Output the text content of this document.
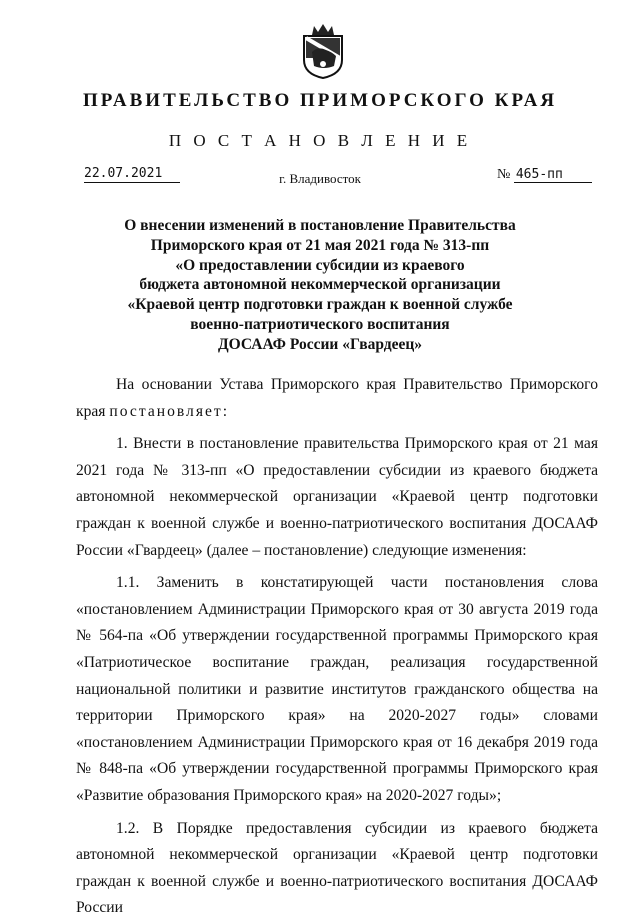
ПРАВИТЕЛЬСТВО ПРИМОРСКОГО КРАЯ
П О С Т А Н О В Л Е Н И Е
22.07.2021	г. Владивосток	№ 465-пп
О внесении изменений в постановление Правительства
Приморского края от 21 мая 2021 года № 313-пп
«О предоставлении субсидии из краевого
бюджета автономной некоммерческой организации
«Краевой центр подготовки граждан к военной службе
военно-патриотического воспитания
ДОСААФ России «Гвардеец»

На основании Устава Приморского края Правительство Приморского края постановляет:

1. Внести в постановление правительства Приморского края от 21 мая 2021 года № 313-пп «О предоставлении субсидии из краевого бюджета автономной некоммерческой организации «Краевой центр подготовки граждан к военной службе и военно-патриотического воспитания ДОСААФ России «Гвардеец» (далее – постановление) следующие изменения:

1.1. Заменить в констатирующей части постановления слова «постановлением Администрации Приморского края от 30 августа 2019 года № 564-па «Об утверждении государственной программы Приморского края «Патриотическое воспитание граждан, реализация государственной национальной политики и развитие институтов гражданского общества на территории Приморского края» на 2020-2027 годы» словами «постановлением Администрации Приморского края от 16 декабря 2019 года № 848-па «Об утверждении государственной программы Приморского края «Развитие образования Приморского края» на 2020-2027 годы»;

1.2. В Порядке предоставления субсидии из краевого бюджета автономной некоммерческой организации «Краевой центр подготовки граждан к военной службе и военно-патриотического воспитания ДОСААФ России
